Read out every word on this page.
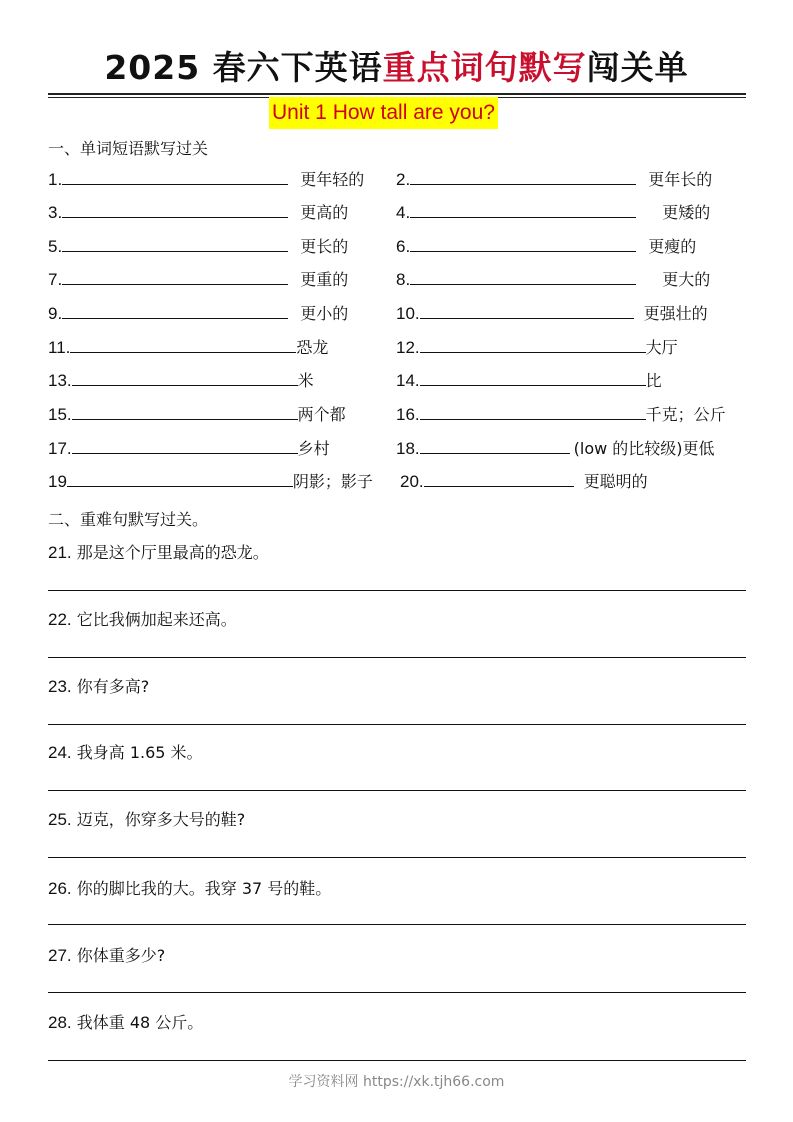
2025 春六下英语重点词句默写闯关单
Unit 1 How tall are you?
一、单词短语默写过关
1.	更年轻的 2.	更年长的
3.	更高的	4.	更矮的
5.	更长的	6.	更瘦的
7.	更重的	8.	更大的
9.	更小的	10.	更强壮的
11.	恐龙	12.	大厅
13.	米	14.	比
15.	两个都	16.	千克；公斤
17.	乡村	18.	(low 的比较级)更低
19	阴影；影子 20.	更聪明的
二、重难句默写过关。
21. 那是这个厅里最高的恐龙。
22. 它比我俩加起来还高。
23. 你有多高?
24. 我身高 1.65 米。
25. 迈克，你穿多大号的鞋?
26. 你的脚比我的大。我穿 37 号的鞋。
27. 你体重多少?
28. 我体重 48 公斤。
学习资料网 https://xk.tjh66.com
